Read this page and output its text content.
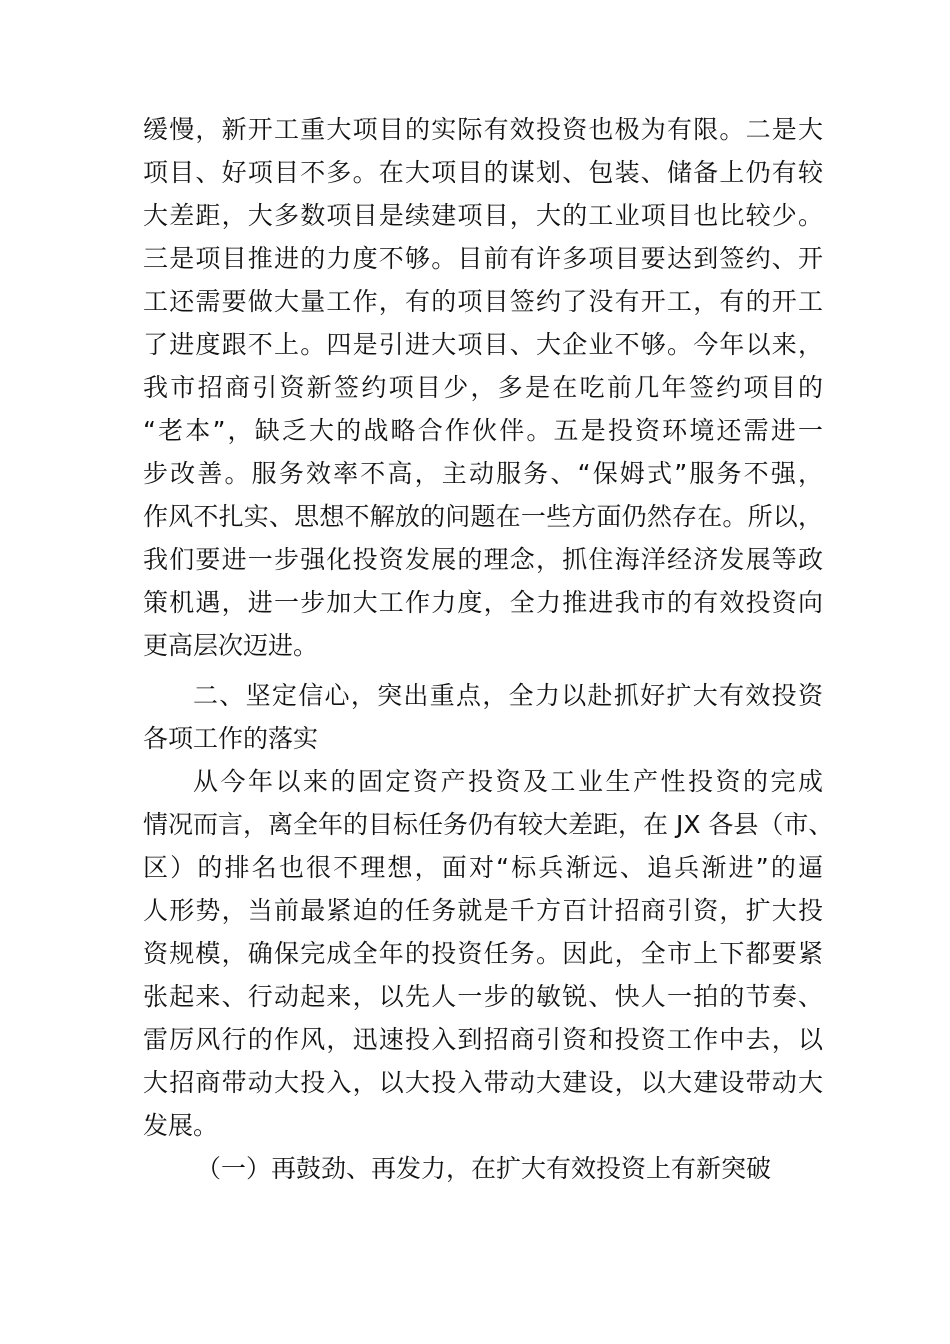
缓慢，新开工重大项目的实际有效投资也极为有限。二是大
项目、好项目不多。在大项目的谋划、包装、储备上仍有较
大差距，大多数项目是续建项目，大的工业项目也比较少。
三是项目推进的力度不够。目前有许多项目要达到签约、开
工还需要做大量工作，有的项目签约了没有开工，有的开工
了进度跟不上。四是引进大项目、大企业不够。今年以来，
我市招商引资新签约项目少，多是在吃前几年签约项目的
“老本”，缺乏大的战略合作伙伴。五是投资环境还需进一
步改善。服务效率不高，主动服务、“保姆式”服务不强，
作风不扎实、思想不解放的问题在一些方面仍然存在。所以，
我们要进一步强化投资发展的理念，抓住海洋经济发展等政
策机遇，进一步加大工作力度，全力推进我市的有效投资向
更高层次迈进。
二、坚定信心，突出重点，全力以赴抓好扩大有效投资
各项工作的落实
从今年以来的固定资产投资及工业生产性投资的完成
情况而言，离全年的目标任务仍有较大差距，在 JX 各县（市、
区）的排名也很不理想，面对“标兵渐远、追兵渐进”的逼
人形势，当前最紧迫的任务就是千方百计招商引资，扩大投
资规模，确保完成全年的投资任务。因此，全市上下都要紧
张起来、行动起来，以先人一步的敏锐、快人一拍的节奏、
雷厉风行的作风，迅速投入到招商引资和投资工作中去，以
大招商带动大投入，以大投入带动大建设，以大建设带动大
发展。
（一）再鼓劲、再发力，在扩大有效投资上有新突破
